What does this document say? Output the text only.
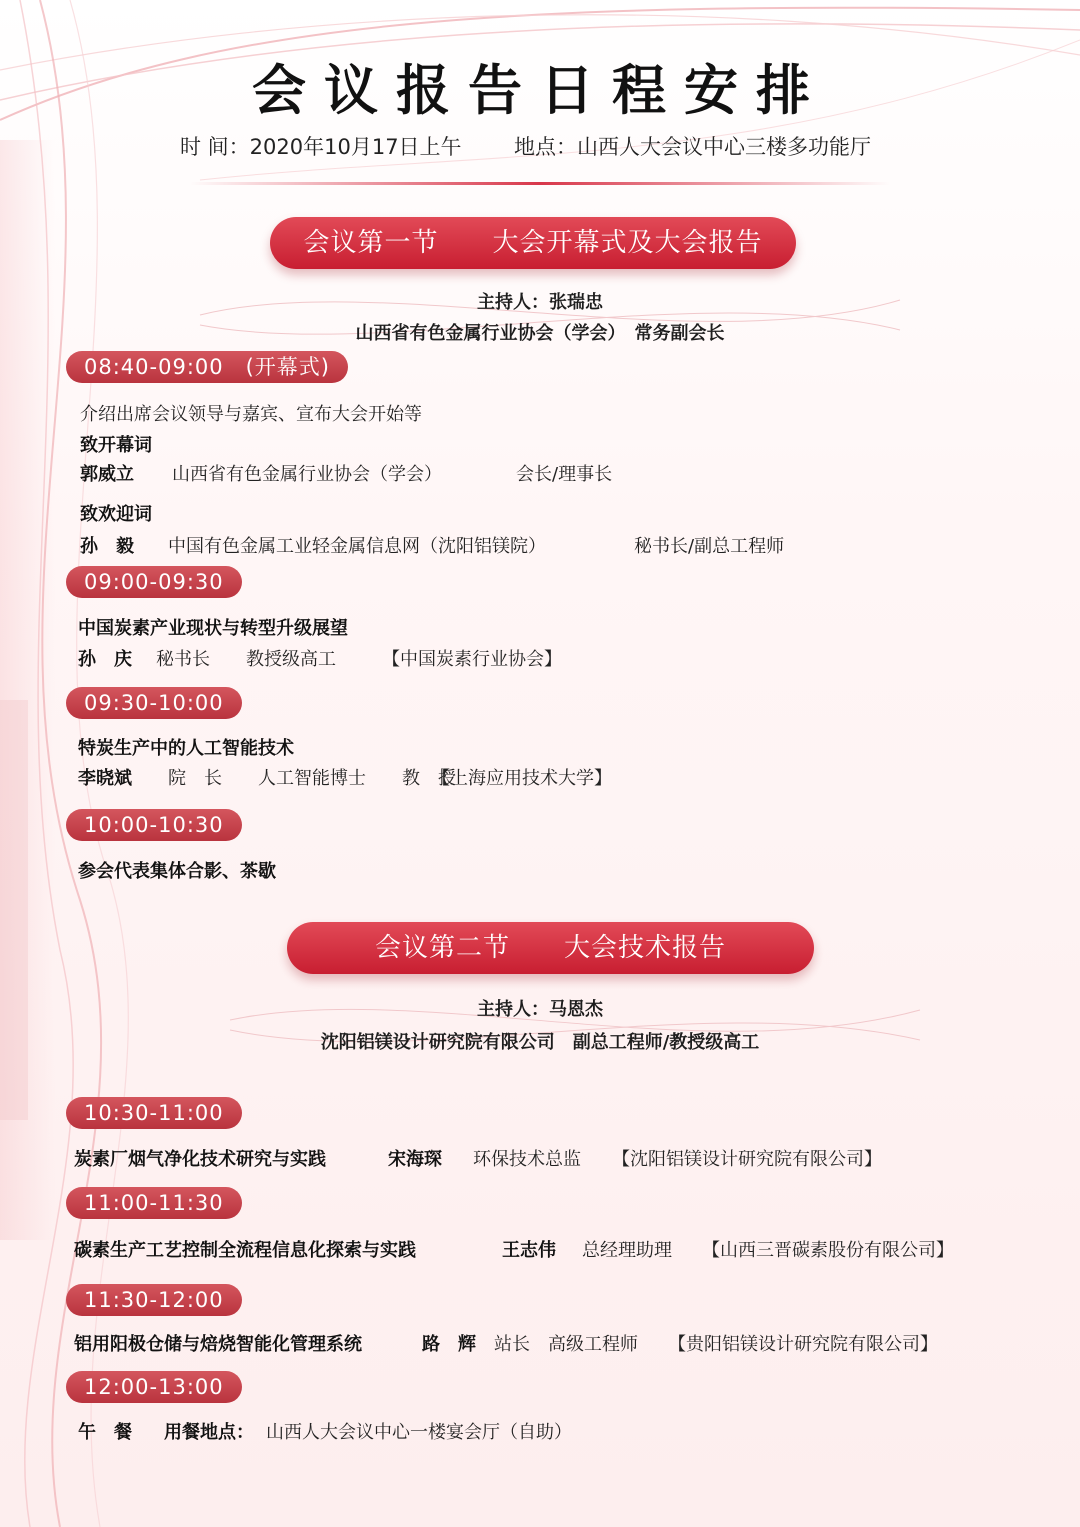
会议报告日程安排
时 间：2020年10月17日上午 地点：山西人大会议中心三楼多功能厅
会议第一节　　大会开幕式及大会报告
主持人：张瑞忠
山西省有色金属行业协会（学会）　常务副会长
08:40-09:00　(开幕式)
介绍出席会议领导与嘉宾、宣布大会开始等
致开幕词
郭威立 山西省有色金属行业协会（学会）	会长/理事长
致欢迎词
孙　毅 中国有色金属工业轻金属信息网（沈阳铝镁院）	秘书长/副总工程师
09:00-09:30
中国炭素产业现状与转型升级展望
孙　庆 秘书长　　教授级高工	【中国炭素行业协会】
09:30-10:00
特炭生产中的人工智能技术
李晓斌 院　长　　人工智能博士　　教　授
【上海应用技术大学】
10:00-10:30
参会代表集体合影、茶歇
会议第二节　　大会技术报告
主持人：马恩杰
沈阳铝镁设计研究院有限公司　副总工程师/教授级高工
10:30-11:00
炭素厂烟气净化技术研究与实践	宋海琛 环保技术总监 【沈阳铝镁设计研究院有限公司】
11:00-11:30
碳素生产工艺控制全流程信息化探索与实践	王志伟 总经理助理 【山西三晋碳素股份有限公司】
11:30-12:00
铝用阳极仓储与焙烧智能化管理系统	路　辉 站长　高级工程师 【贵阳铝镁设计研究院有限公司】
12:00-13:00
午　餐 用餐地点： 山西人大会议中心一楼宴会厅（自助）
